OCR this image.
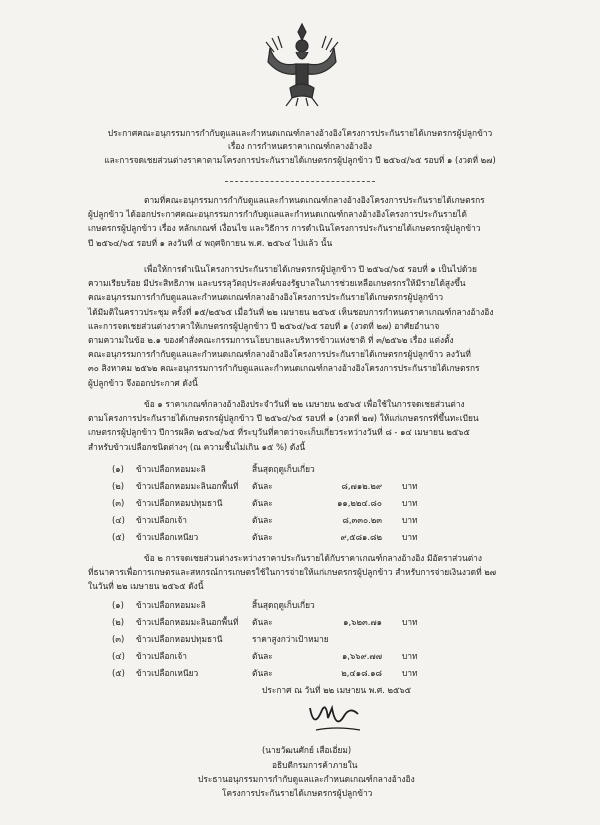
ประกาศคณะอนุกรรมการกำกับดูแลและกำหนดเกณฑ์กลางอ้างอิงโครงการประกันรายได้เกษตรกรผู้ปลูกข้าว
เรื่อง การกำหนดราคาเกณฑ์กลางอ้างอิง
และการจดเชยส่วนต่างราคาตามโครงการประกันรายได้เกษตรกรผู้ปลูกข้าว ปี ๒๕๖๔/๖๕ รอบที่ ๑ (งวดที่ ๒๗)
ตามที่คณะอนุกรรมการกำกับดูแลและกำหนดเกณฑ์กลางอ้างอิงโครงการประกันรายได้เกษตรกร
ผู้ปลูกข้าว ได้ออกประกาศคณะอนุกรรมการกำกับดูแลและกำหนดเกณฑ์กลางอ้างอิงโครงการประกันรายได้
เกษตรกรผู้ปลูกข้าว เรื่อง หลักเกณฑ์ เงื่อนไข และวิธีการ การดำเนินโครงการประกันรายได้เกษตรกรผู้ปลูกข้าว
ปี ๒๕๖๔/๖๕ รอบที่ ๑ ลงวันที่ ๔ พฤศจิกายน พ.ศ. ๒๕๖๔ ไปแล้ว นั้น
เพื่อให้การดำเนินโครงการประกันรายได้เกษตรกรผู้ปลูกข้าว ปี ๒๕๖๔/๖๕ รอบที่ ๑ เป็นไปด้วย
ความเรียบร้อย มีประสิทธิภาพ และบรรลุวัตถุประสงค์ของรัฐบาลในการช่วยเหลือเกษตรกรให้มีรายได้สูงขึ้น
คณะอนุกรรมการกำกับดูแลและกำหนดเกณฑ์กลางอ้างอิงโครงการประกันรายได้เกษตรกรผู้ปลูกข้าว
ได้มีมติในคราวประชุม ครั้งที่ ๑๕/๒๕๖๕ เมื่อวันที่ ๒๒ เมษายน ๒๕๖๕ เห็นชอบการกำหนดราคาเกณฑ์กลางอ้างอิง
และการจดเชยส่วนต่างราคาให้เกษตรกรผู้ปลูกข้าว ปี ๒๕๖๔/๖๕ รอบที่ ๑ (งวดที่ ๒๗) อาศัยอำนาจ
ตามความในข้อ ๒.๑ ของคำสั่งคณะกรรมการนโยบายและบริหารข้าวแห่งชาติ ที่ ๓/๒๕๖๒ เรื่อง แต่งตั้ง
คณะอนุกรรมการกำกับดูแลและกำหนดเกณฑ์กลางอ้างอิงโครงการประกันรายได้เกษตรกรผู้ปลูกข้าว ลงวันที่
๓๐ สิงหาคม ๒๕๖๒ คณะอนุกรรมการกำกับดูแลและกำหนดเกณฑ์กลางอ้างอิงโครงการประกันรายได้เกษตรกร
ผู้ปลูกข้าว จึงออกประกาศ ดังนี้
ข้อ ๑ ราคาเกณฑ์กลางอ้างอิงประจำวันที่ ๒๒ เมษายน ๒๕๖๕ เพื่อใช้ในการจดเชยส่วนต่าง
ตามโครงการประกันรายได้เกษตรกรผู้ปลูกข้าว ปี ๒๕๖๔/๖๕ รอบที่ ๑ (งวดที่ ๒๗) ให้แก่เกษตรกรที่ขึ้นทะเบียน
เกษตรกรผู้ปลูกข้าว ปีการผลิต ๒๕๖๔/๖๕ ที่ระบุวันที่คาดว่าจะเก็บเกี่ยวระหว่างวันที่ ๘ - ๑๔ เมษายน ๒๕๖๕
สำหรับข้าวเปลือกชนิดต่างๆ (ณ ความชื้นไม่เกิน ๑๕ %) ดังนี้
(๑) ข้าวเปลือกหอมมะลิ	สิ้นสุดฤดูเก็บเกี่ยว
(๒) ข้าวเปลือกหอมมะลินอกพื้นที่ ตันละ	๘,๗๑๒.๒๙ บาท
(๓) ข้าวเปลือกหอมปทุมธานี	ตันละ	๑๑,๒๒๔.๘๐ บาท
(๔) ข้าวเปลือกเจ้า	ตันละ	๘,๓๓๐.๒๓ บาท
(๕) ข้าวเปลือกเหนียว	ตันละ	๙,๕๘๑.๘๒ บาท
ข้อ ๒ การจดเชยส่วนต่างระหว่างราคาประกันรายได้กับราคาเกณฑ์กลางอ้างอิง มีอัตราส่วนต่าง
ที่ธนาคารเพื่อการเกษตรและสหกรณ์การเกษตรใช้ในการจ่ายให้แก่เกษตรกรผู้ปลูกข้าว สำหรับการจ่ายเงินงวดที่ ๒๗
ในวันที่ ๒๒ เมษายน ๒๕๖๕ ดังนี้
(๑) ข้าวเปลือกหอมมะลิ	สิ้นสุดฤดูเก็บเกี่ยว
(๒) ข้าวเปลือกหอมมะลินอกพื้นที่ ตันละ	๑,๖๒๓.๗๑ บาท
(๓) ข้าวเปลือกหอมปทุมธานี	ราคาสูงกว่าเป้าหมาย
(๔) ข้าวเปลือกเจ้า	ตันละ	๑,๖๖๙.๗๗ บาท
(๕) ข้าวเปลือกเหนียว	ตันละ	๒,๔๑๘.๑๘ บาท
ประกาศ ณ วันที่ ๒๒ เมษายน พ.ศ. ๒๕๖๕
(นายวัฒนศักย์ เสือเอี่ยม)
อธิบดีกรมการค้าภายใน
ประธานอนุกรรมการกำกับดูแลและกำหนดเกณฑ์กลางอ้างอิง
โครงการประกันรายได้เกษตรกรผู้ปลูกข้าว
